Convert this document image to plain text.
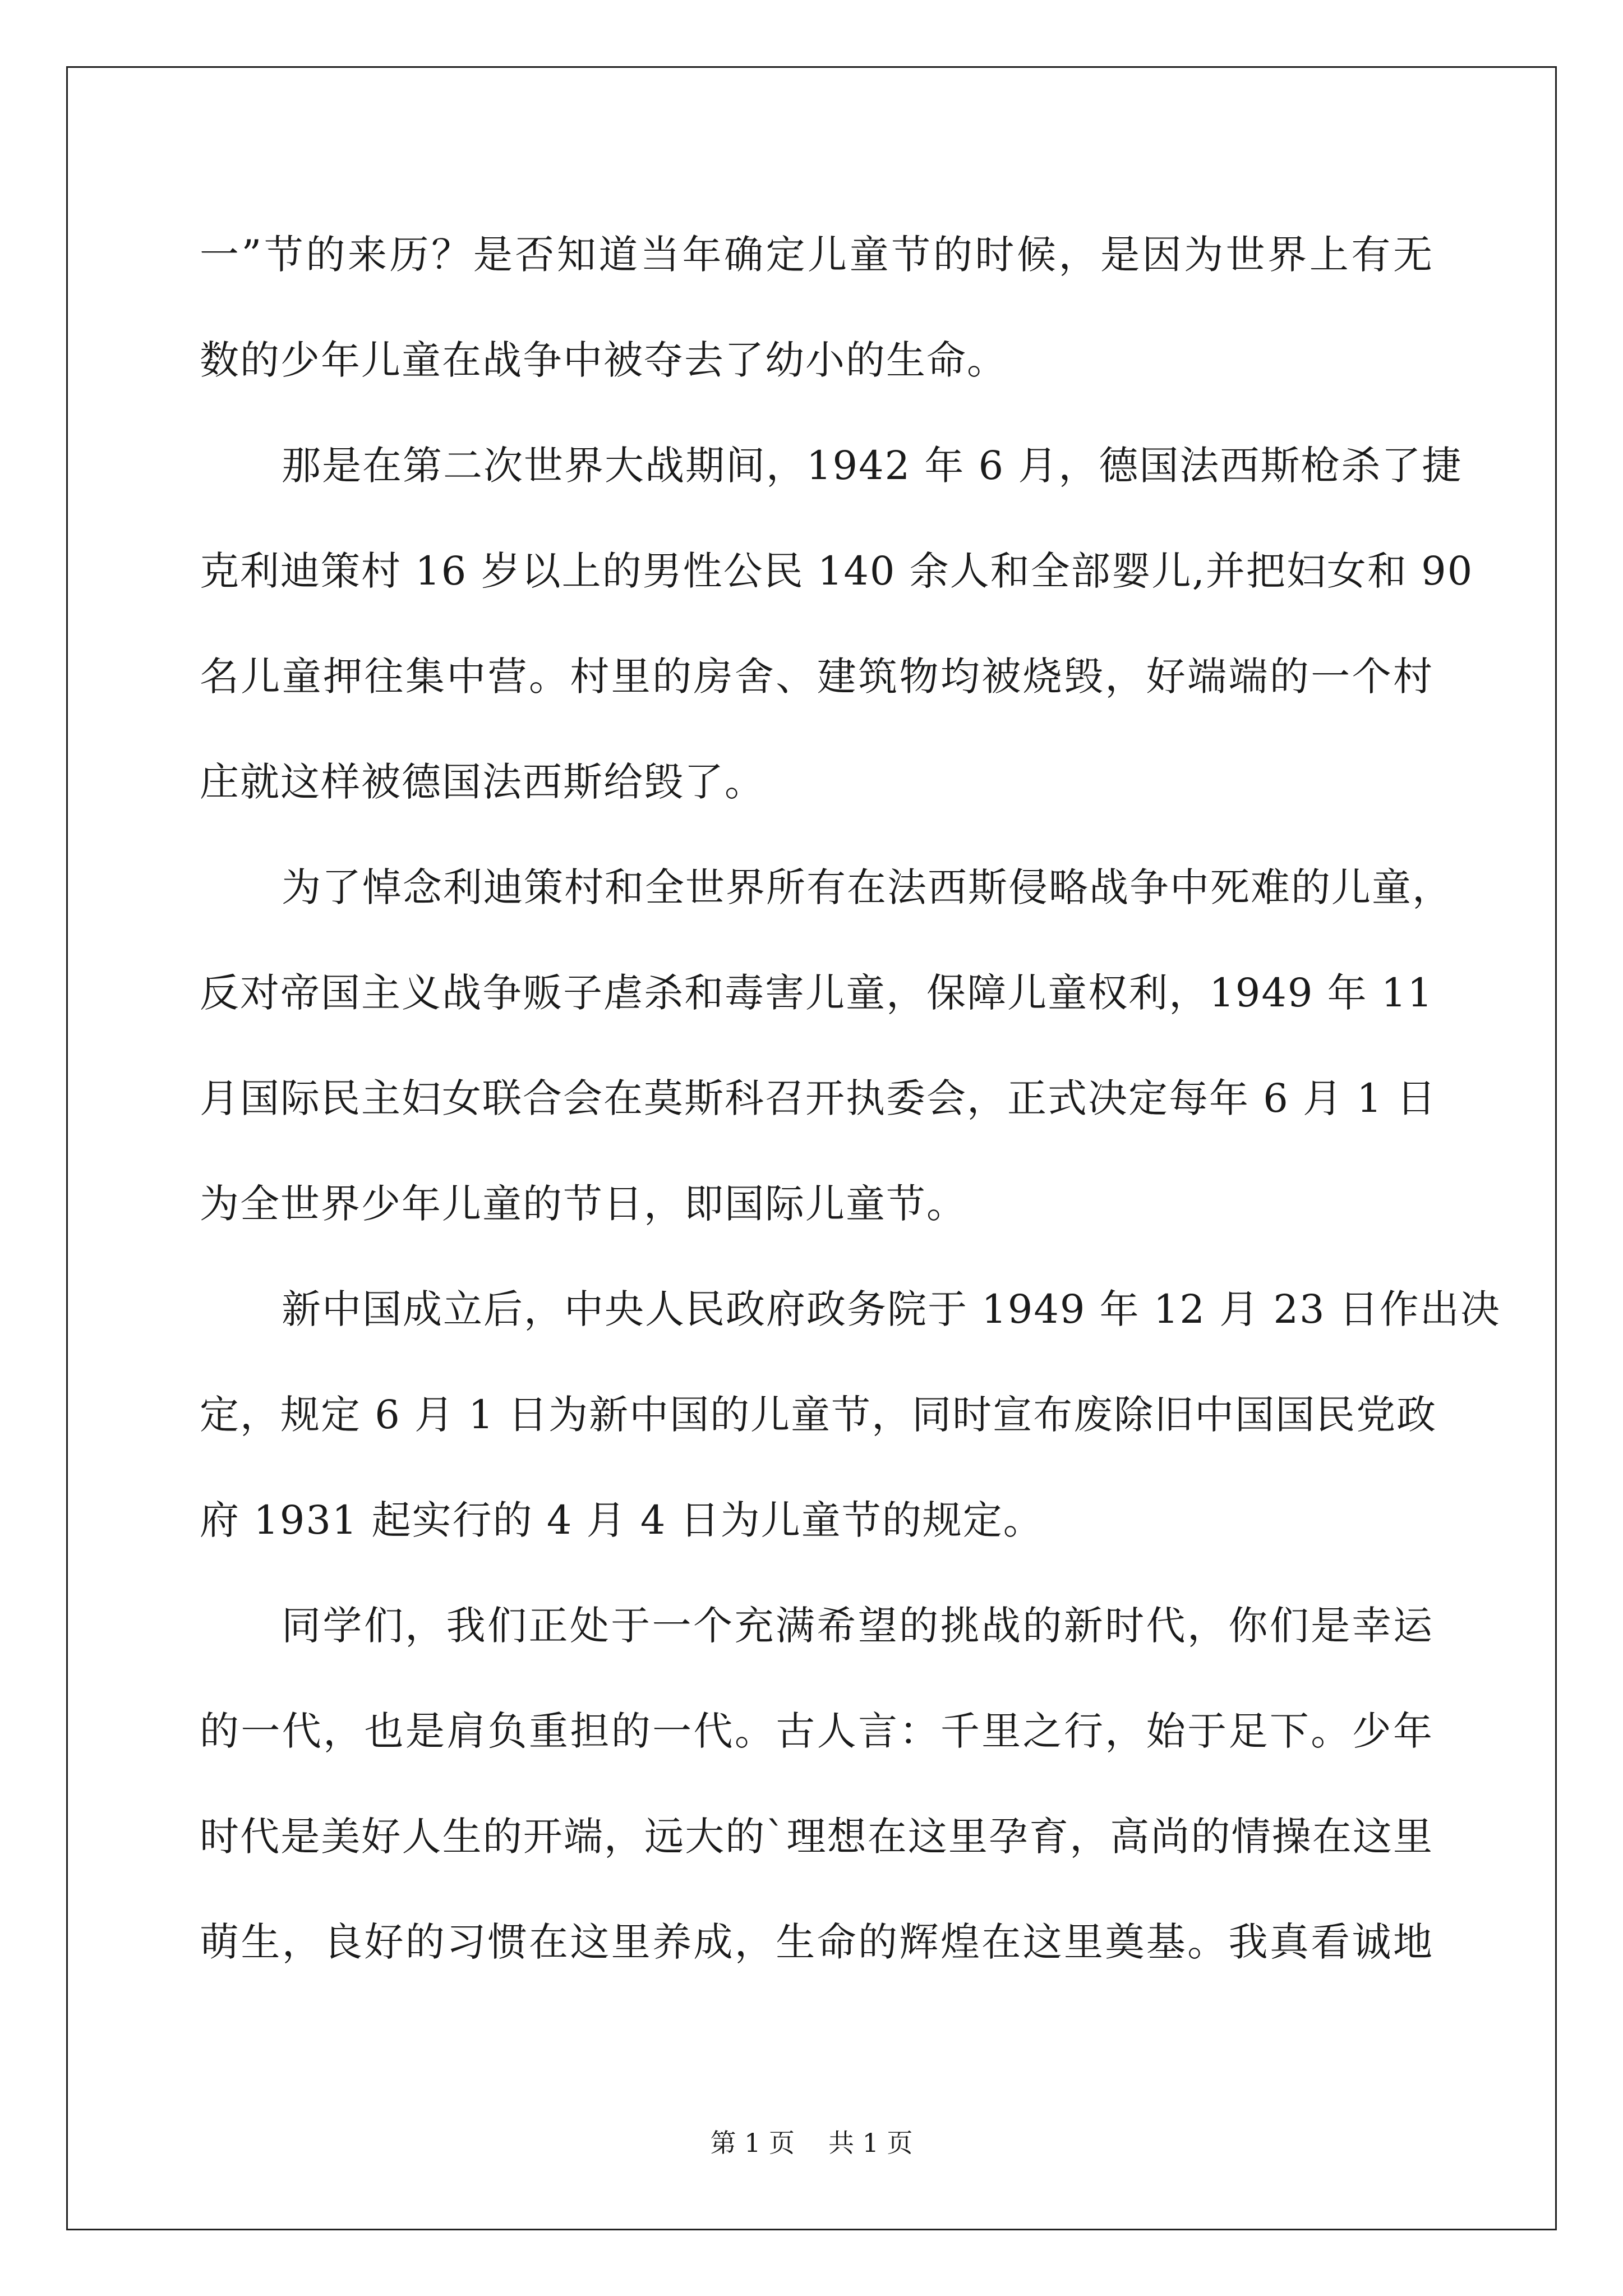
一”节的来历？是否知道当年确定儿童节的时候，是因为世界上有无
数的少年儿童在战争中被夺去了幼小的生命。
那是在第二次世界大战期间，1942 年 6 月，德国法西斯枪杀了捷
克利迪策村 16 岁以上的男性公民 140 余人和全部婴儿,并把妇女和 90
名儿童押往集中营。村里的房舍、建筑物均被烧毁，好端端的一个村
庄就这样被德国法西斯给毁了。
为了悼念利迪策村和全世界所有在法西斯侵略战争中死难的儿童，
反对帝国主义战争贩子虐杀和毒害儿童，保障儿童权利，1949 年 11
月国际民主妇女联合会在莫斯科召开执委会，正式决定每年 6 月 1 日
为全世界少年儿童的节日，即国际儿童节。
新中国成立后，中央人民政府政务院于 1949 年 12 月 23 日作出决
定，规定 6 月 1 日为新中国的儿童节，同时宣布废除旧中国国民党政
府 1931 起实行的 4 月 4 日为儿童节的规定。
同学们，我们正处于一个充满希望的挑战的新时代，你们是幸运
的一代，也是肩负重担的一代。古人言：千里之行，始于足下。少年
时代是美好人生的开端，远大的`理想在这里孕育，高尚的情操在这里
萌生，良好的习惯在这里养成，生命的辉煌在这里奠基。我真看诚地
第 1 页 共 1 页
